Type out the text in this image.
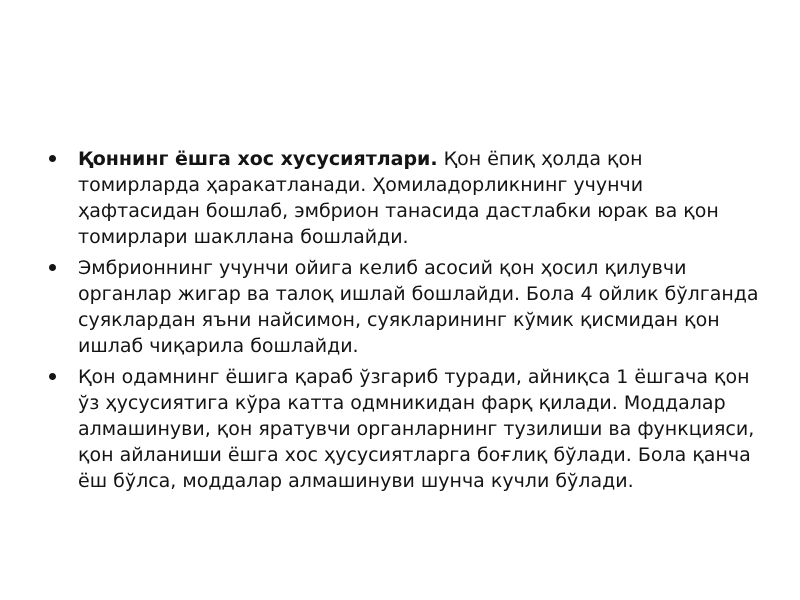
Қоннинг ёшга хос хусусиятлари. Қон ёпиқ ҳолда қон томирларда ҳаракатланади. Ҳомиладорликнинг учунчи ҳафтасидан бошлаб, эмбрион танасида дастлабки юрак ва қон томирлари шакллана бошлайди.
Эмбрионнинг учунчи ойига келиб асосий қон ҳосил қилувчи органлар жигар ва талоқ ишлай бошлайди. Бола 4 ойлик бўлганда суяклардан яъни найсимон, суякларининг кўмик қисмидан қон ишлаб чиқарила бошлайди.
Қон одамнинг ёшига қараб ўзгариб туради, айниқса 1 ёшгача қон ўз ҳусусиятига кўра катта одмникидан фарқ қилади. Моддалар алмашинуви, қон яратувчи органларнинг тузилиши ва функцияси, қон айланиши ёшга хос ҳусусиятларга боғлиқ бўлади. Бола қанча ёш бўлса, моддалар алмашинуви шунча кучли бўлади.
